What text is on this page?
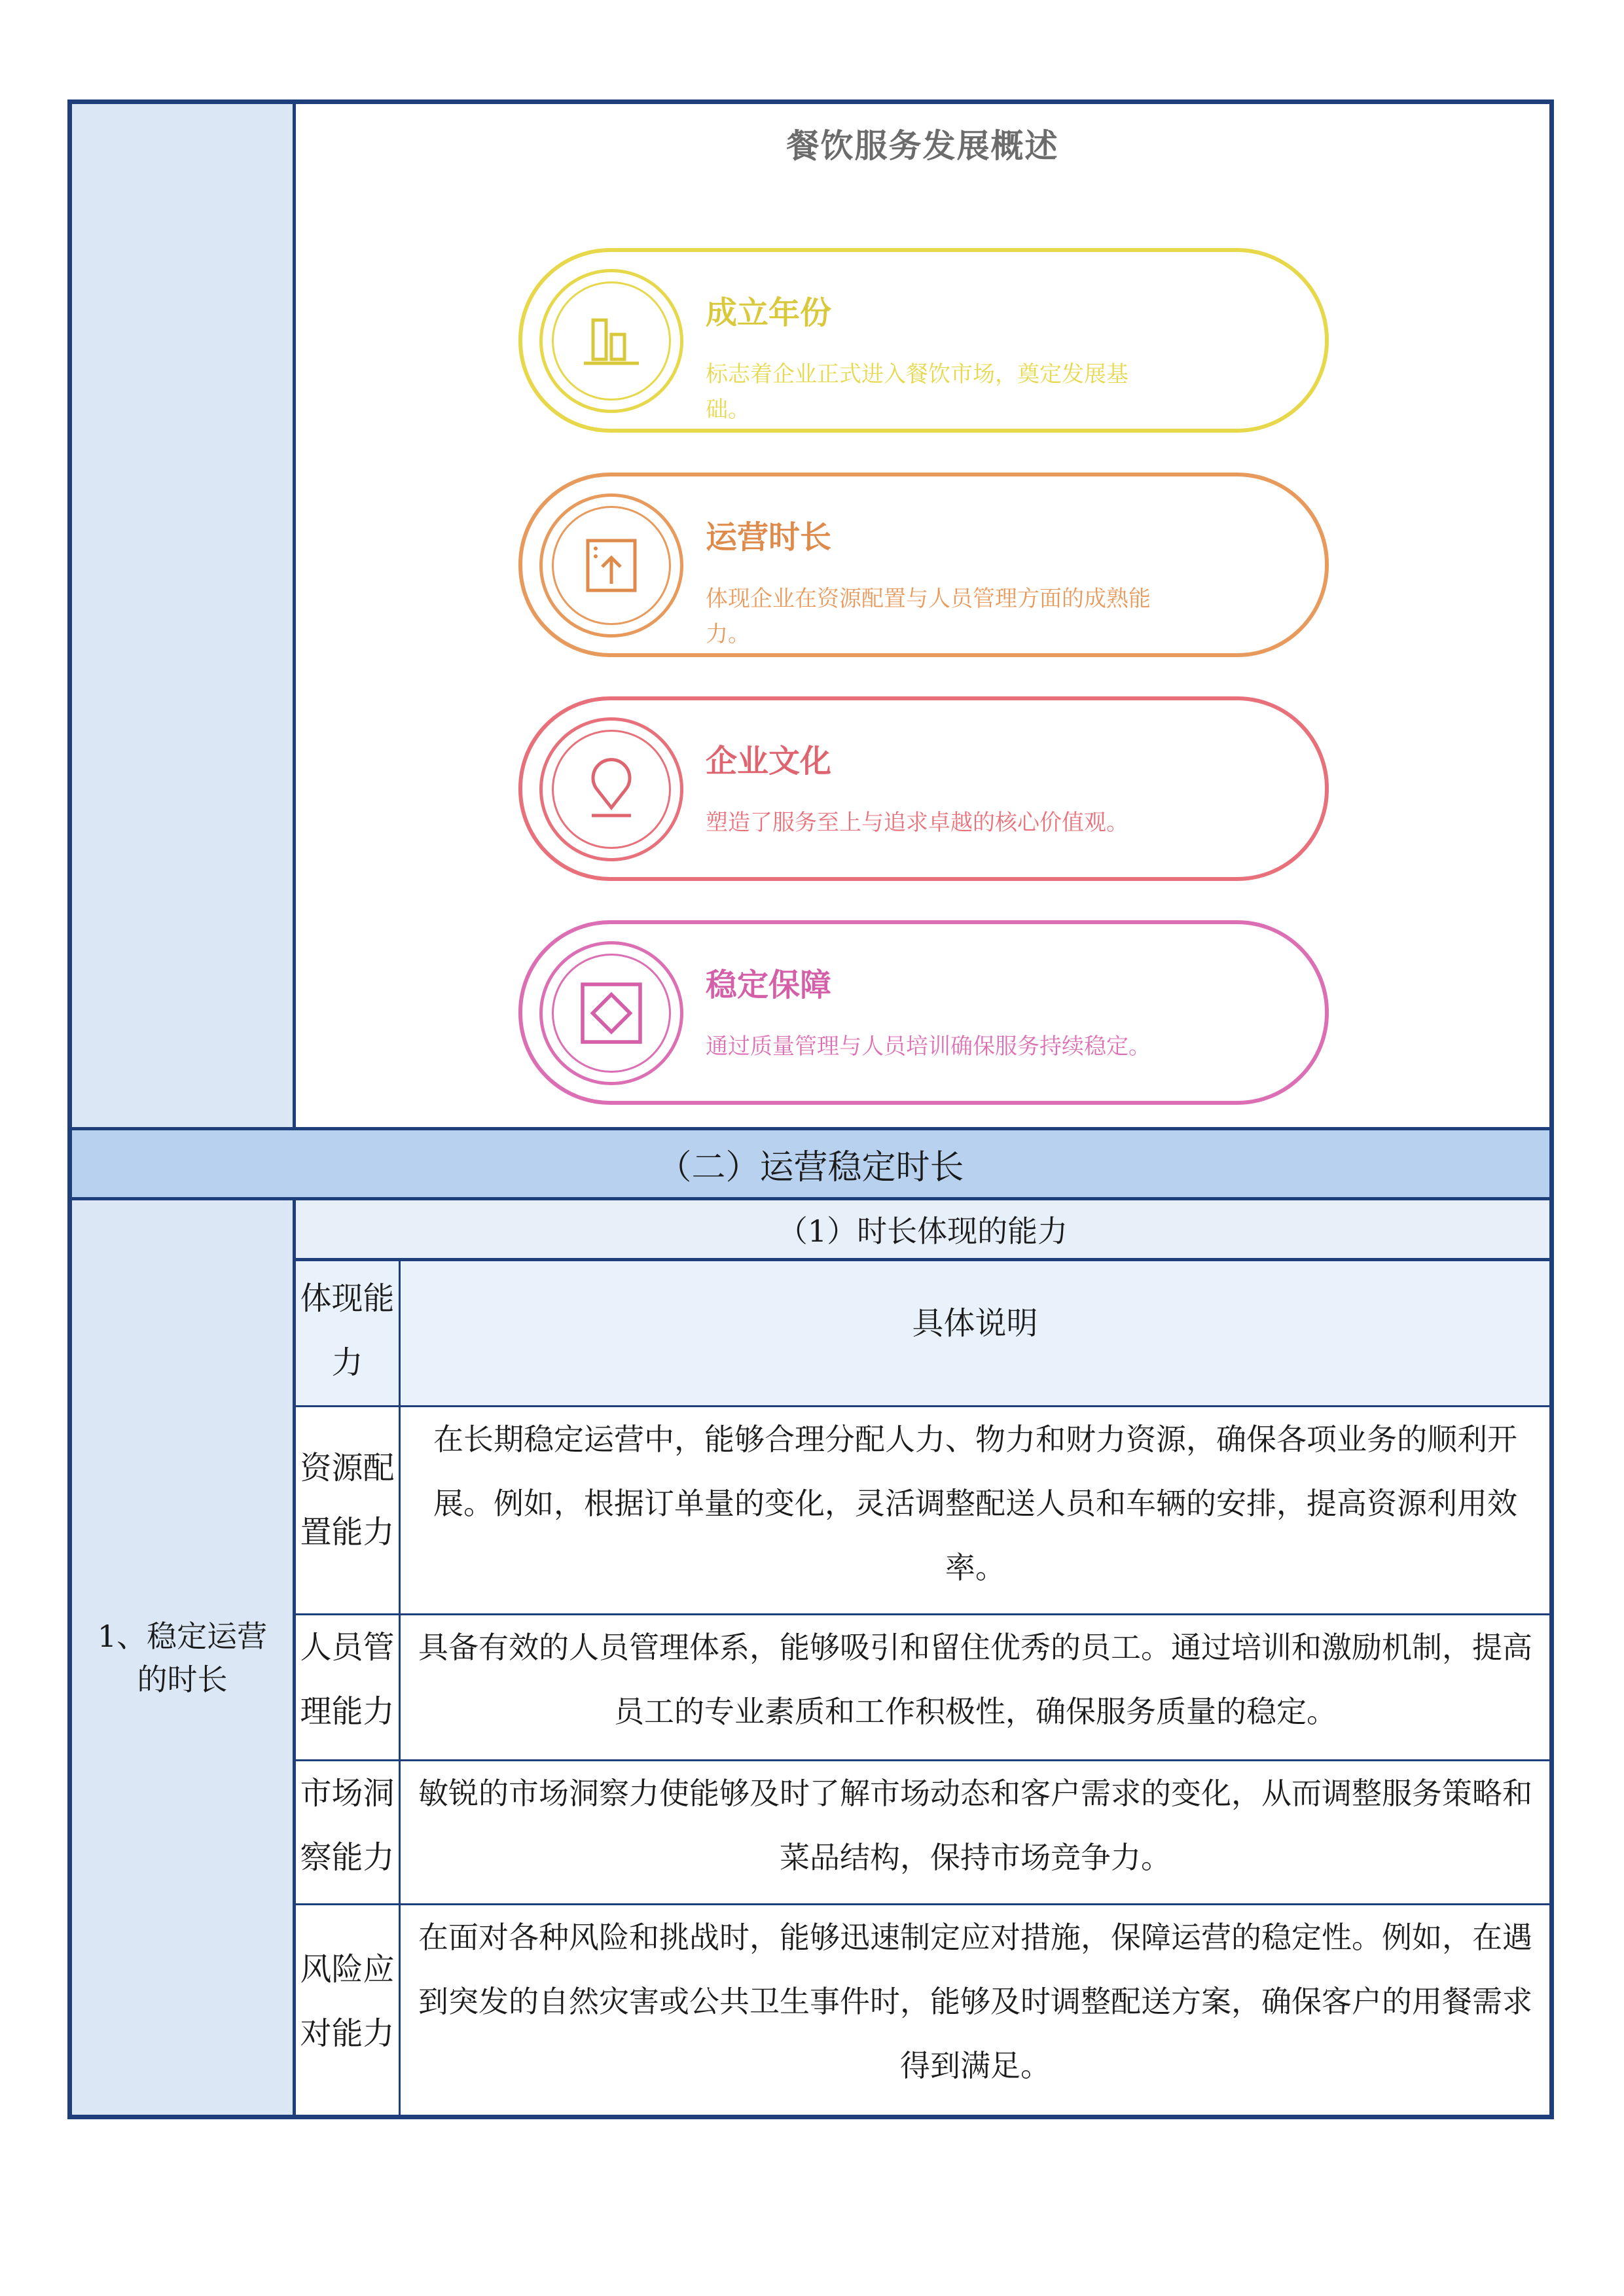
餐饮服务发展概述
成立年份
标志着企业正式进入餐饮市场，奠定发展基础。
运营时长
体现企业在资源配置与人员管理方面的成熟能力。
企业文化
塑造了服务至上与追求卓越的核心价值观。
稳定保障
通过质量管理与人员培训确保服务持续稳定。
（二）运营稳定时长
1、稳定运营的时长
（1）时长体现的能力
体现能力
具体说明
资源配置能力
在长期稳定运营中，能够合理分配人力、物力和财力资源，确保各项业务的顺利开展。例如，根据订单量的变化，灵活调整配送人员和车辆的安排，提高资源利用效率。
人员管理能力
具备有效的人员管理体系，能够吸引和留住优秀的员工。通过培训和激励机制，提高员工的专业素质和工作积极性，确保服务质量的稳定。
市场洞察能力
敏锐的市场洞察力使能够及时了解市场动态和客户需求的变化，从而调整服务策略和菜品结构，保持市场竞争力。
风险应对能力
在面对各种风险和挑战时，能够迅速制定应对措施，保障运营的稳定性。例如，在遇到突发的自然灾害或公共卫生事件时，能够及时调整配送方案，确保客户的用餐需求得到满足。
